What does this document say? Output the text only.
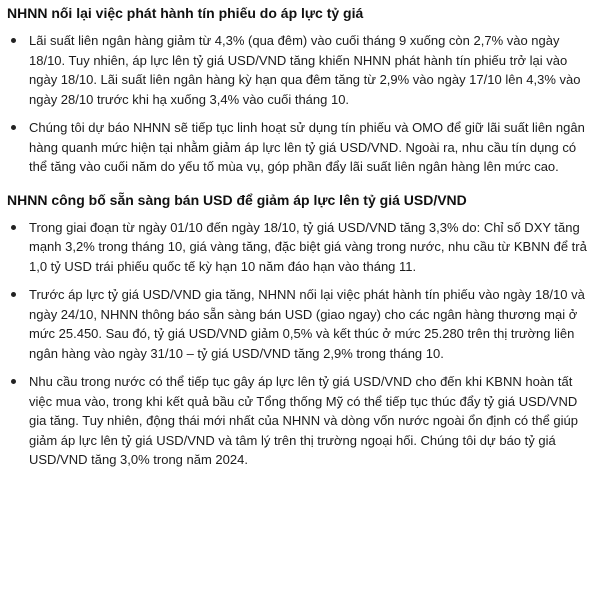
NHNN nối lại việc phát hành tín phiếu do áp lực tỷ giá
Lãi suất liên ngân hàng giảm từ 4,3% (qua đêm) vào cuối tháng 9 xuống còn 2,7% vào ngày 18/10. Tuy nhiên, áp lực lên tỷ giá USD/VND tăng khiến NHNN phát hành tín phiếu trở lại vào ngày 18/10. Lãi suất liên ngân hàng kỳ hạn qua đêm tăng từ 2,9% vào ngày 17/10 lên 4,3% vào ngày 28/10 trước khi hạ xuống 3,4% vào cuối tháng 10.
Chúng tôi dự báo NHNN sẽ tiếp tục linh hoạt sử dụng tín phiếu và OMO để giữ lãi suất liên ngân hàng quanh mức hiện tại nhằm giảm áp lực lên tỷ giá USD/VND. Ngoài ra, nhu cầu tín dụng có thể tăng vào cuối năm do yếu tố mùa vụ, góp phần đẩy lãi suất liên ngân hàng lên mức cao.
NHNN công bố sẵn sàng bán USD để giảm áp lực lên tỷ giá USD/VND
Trong giai đoạn từ ngày 01/10 đến ngày 18/10, tỷ giá USD/VND tăng 3,3% do: Chỉ số DXY tăng mạnh 3,2% trong tháng 10, giá vàng tăng, đặc biệt giá vàng trong nước, nhu cầu từ KBNN để trả 1,0 tỷ USD trái phiếu quốc tế kỳ hạn 10 năm đáo hạn vào tháng 11.
Trước áp lực tỷ giá USD/VND gia tăng, NHNN nối lại việc phát hành tín phiếu vào ngày 18/10 và ngày 24/10, NHNN thông báo sẵn sàng bán USD (giao ngay) cho các ngân hàng thương mại ở mức 25.450. Sau đó, tỷ giá USD/VND giảm 0,5% và kết thúc ở mức 25.280 trên thị trường liên ngân hàng vào ngày 31/10 – tỷ giá USD/VND tăng 2,9% trong tháng 10.
Nhu cầu trong nước có thể tiếp tục gây áp lực lên tỷ giá USD/VND cho đến khi KBNN hoàn tất việc mua vào, trong khi kết quả bầu cử Tổng thống Mỹ có thể tiếp tục thúc đẩy tỷ giá USD/VND gia tăng. Tuy nhiên, động thái mới nhất của NHNN và dòng vốn nước ngoài ổn định có thể giúp giảm áp lực lên tỷ giá USD/VND và tâm lý trên thị trường ngoại hối. Chúng tôi dự báo tỷ giá USD/VND tăng 3,0% trong năm 2024.
